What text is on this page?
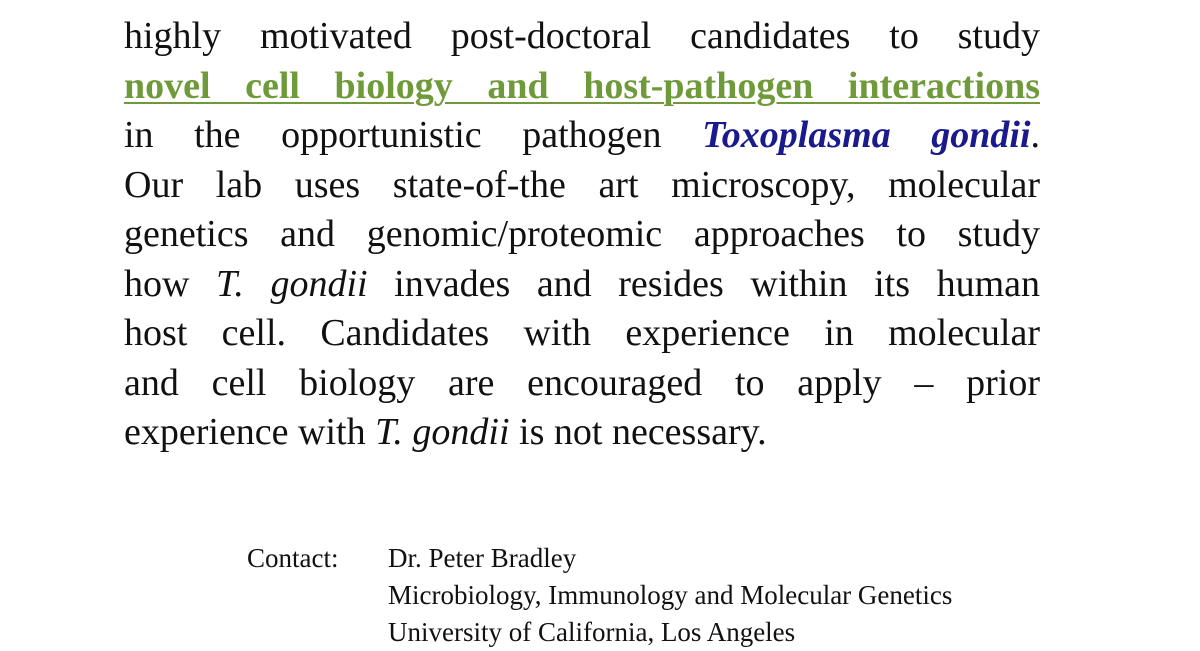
highly motivated post-doctoral candidates to study
novel cell biology and host-pathogen interactions
in the opportunistic pathogen Toxoplasma gondii.
Our lab uses state-of-the art microscopy, molecular
genetics and genomic/proteomic approaches to study
how T. gondii invades and resides within its human
host cell. Candidates with experience in molecular
and cell biology are encouraged to apply – prior
experience with T. gondii is not necessary.
Contact: Dr. Peter Bradley
Microbiology, Immunology and Molecular Genetics
University of California, Los Angeles
